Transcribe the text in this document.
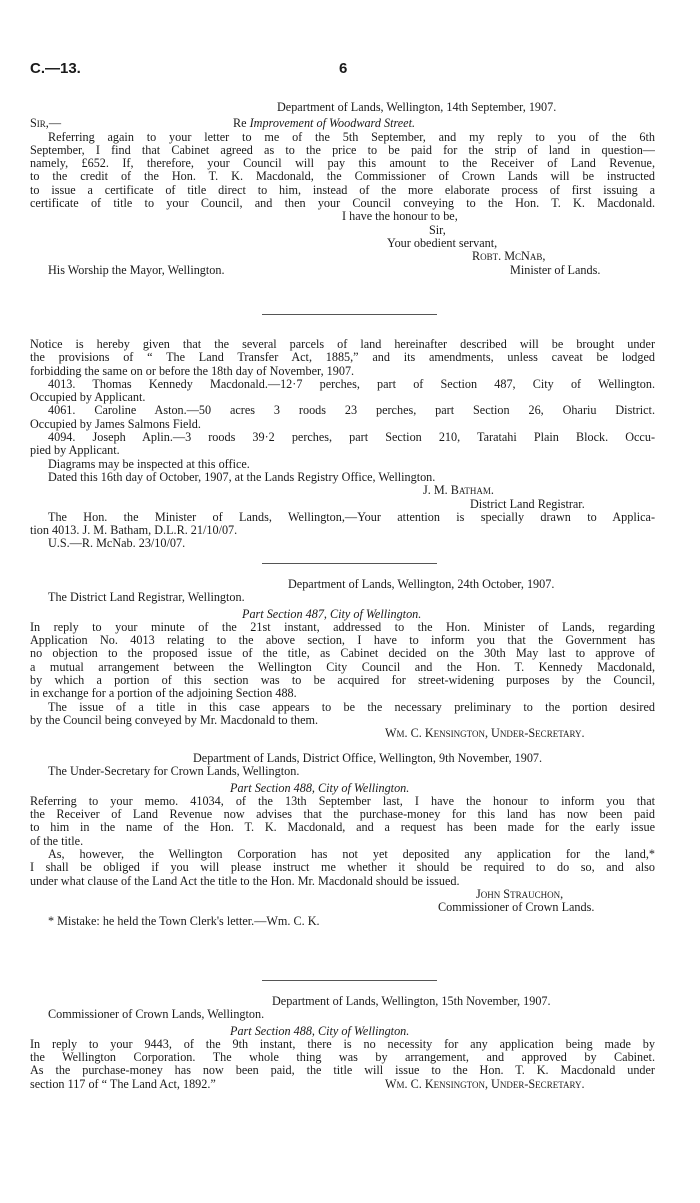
C.—13.	6
Department of Lands, Wellington, 14th September, 1907.
Sir,—	Re Improvement of Woodward Street.
Referring again to your letter to me of the 5th September, and my reply to you of the 6th
September, I find that Cabinet agreed as to the price to be paid for the strip of land in question—
namely, £652. If, therefore, your Council will pay this amount to the Receiver of Land Revenue,
to the credit of the Hon. T. K. Macdonald, the Commissioner of Crown Lands will be instructed
to issue a certificate of title direct to him, instead of the more elaborate process of first issuing a
certificate of title to your Council, and then your Council conveying to the Hon. T. K. Macdonald.
I have the honour to be,
Sir,
Your obedient servant,
Robt. McNab,
His Worship the Mayor, Wellington.	Minister of Lands.
Notice is hereby given that the several parcels of land hereinafter described will be brought under
the provisions of “ The Land Transfer Act, 1885,” and its amendments, unless caveat be lodged
forbidding the same on or before the 18th day of November, 1907.
4013. Thomas Kennedy Macdonald.—12·7 perches, part of Section 487, City of Wellington.
Occupied by Applicant.
4061. Caroline Aston.—50 acres 3 roods 23 perches, part Section 26, Ohariu District.
Occupied by James Salmons Field.
4094. Joseph Aplin.—3 roods 39·2 perches, part Section 210, Taratahi Plain Block. Occu-
pied by Applicant.
Diagrams may be inspected at this office.
Dated this 16th day of October, 1907, at the Lands Registry Office, Wellington.
J. M. Batham.
District Land Registrar.
The Hon. the Minister of Lands, Wellington,—Your attention is specially drawn to Applica-
tion 4013. J. M. Batham, D.L.R. 21/10/07.
U.S.—R. McNab. 23/10/07.
Department of Lands, Wellington, 24th October, 1907.
The District Land Registrar, Wellington.
Part Section 487, City of Wellington.
In reply to your minute of the 21st instant, addressed to the Hon. Minister of Lands, regarding
Application No. 4013 relating to the above section, I have to inform you that the Government has
no objection to the proposed issue of the title, as Cabinet decided on the 30th May last to approve of
a mutual arrangement between the Wellington City Council and the Hon. T. Kennedy Macdonald,
by which a portion of this section was to be acquired for street-widening purposes by the Council,
in exchange for a portion of the adjoining Section 488.
The issue of a title in this case appears to be the necessary preliminary to the portion desired
by the Council being conveyed by Mr. Macdonald to them.
Wm. C. Kensington, Under-Secretary.
Department of Lands, District Office, Wellington, 9th November, 1907.
The Under-Secretary for Crown Lands, Wellington.
Part Section 488, City of Wellington.
Referring to your memo. 41034, of the 13th September last, I have the honour to inform you that
the Receiver of Land Revenue now advises that the purchase-money for this land has now been paid
to him in the name of the Hon. T. K. Macdonald, and a request has been made for the early issue
of the title.
As, however, the Wellington Corporation has not yet deposited any application for the land,*
I shall be obliged if you will please instruct me whether it should be required to do so, and also
under what clause of the Land Act the title to the Hon. Mr. Macdonald should be issued.
John Strauchon,
Commissioner of Crown Lands.
* Mistake: he held the Town Clerk's letter.—Wm. C. K.
Department of Lands, Wellington, 15th November, 1907.
Commissioner of Crown Lands, Wellington.
Part Section 488, City of Wellington.
In reply to your 9443, of the 9th instant, there is no necessity for any application being made by
the Wellington Corporation. The whole thing was by arrangement, and approved by Cabinet.
As the purchase-money has now been paid, the title will issue to the Hon. T. K. Macdonald under
section 117 of “ The Land Act, 1892.”	Wm. C. Kensington, Under-Secretary.
